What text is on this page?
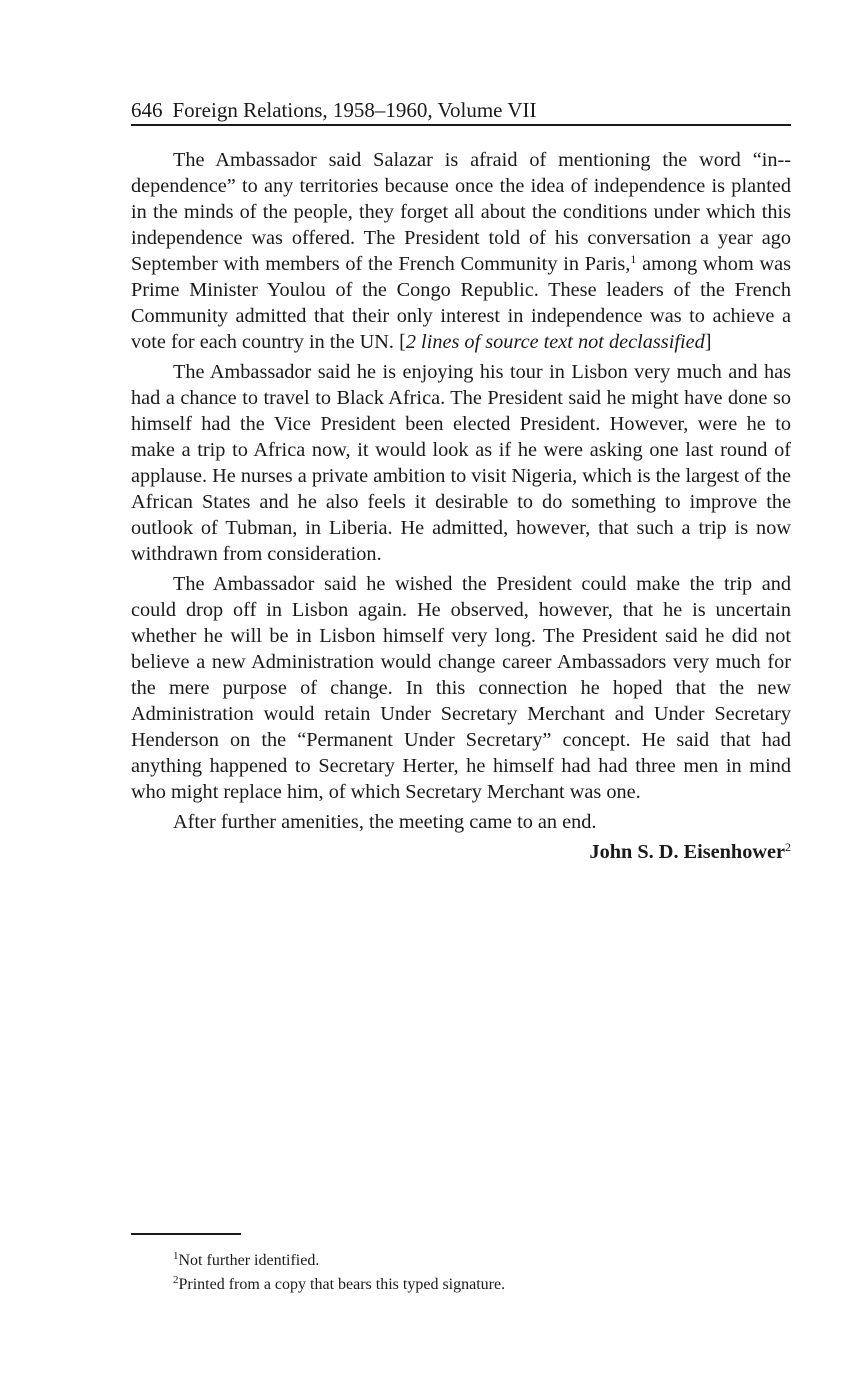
646 Foreign Relations, 1958–1960, Volume VII

The Ambassador said Salazar is afraid of mentioning the word “in-dependence” to any territories because once the idea of independence is planted in the minds of the people, they forget all about the conditions under which this independence was offered. The President told of his conversation a year ago September with members of the French Community in Paris,$^1$ among whom was Prime Minister Youlou of the Congo Republic. These leaders of the French Community admitted that their only interest in independence was to achieve a vote for each country in the UN. [2 lines of source text not declassified]

The Ambassador said he is enjoying his tour in Lisbon very much and has had a chance to travel to Black Africa. The President said he might have done so himself had the Vice President been elected President. However, were he to make a trip to Africa now, it would look as if he were asking one last round of applause. He nurses a private ambition to visit Nigeria, which is the largest of the African States and he also feels it desirable to do something to improve the outlook of Tubman, in Liberia. He admitted, however, that such a trip is now withdrawn from consideration.

The Ambassador said he wished the President could make the trip and could drop off in Lisbon again. He observed, however, that he is uncertain whether he will be in Lisbon himself very long. The President said he did not believe a new Administration would change career Ambassadors very much for the mere purpose of change. In this connection he hoped that the new Administration would retain Under Secretary Merchant and Under Secretary Henderson on the “Permanent Under Secretary” concept. He said that had anything happened to Secretary Herter, he himself had had three men in mind who might replace him, of which Secretary Merchant was one.

After further amenities, the meeting came to an end.

John S. D. Eisenhower$^2$

$^1$Not further identified.

$^2$Printed from a copy that bears this typed signature.
